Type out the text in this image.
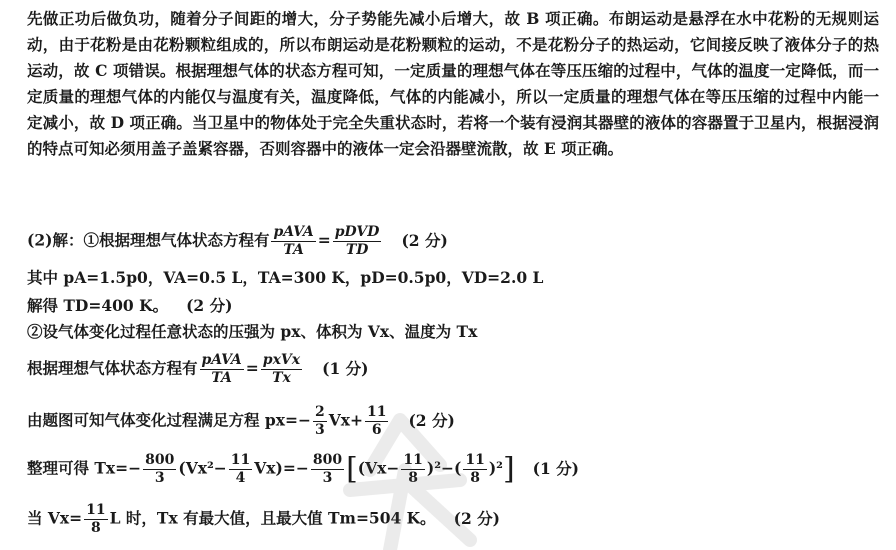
先做正功后做负功，随着分子间距的增大，分子势能先减小后增大，故 B 项正确。布朗运动是悬浮在水中花粉的无规则运动，由于花粉是由花粉颗粒组成的，所以布朗运动是花粉颗粒的运动，不是花粉分子的热运动，它间接反映了液体分子的热运动，故 C 项错误。根据理想气体的状态方程可知，一定质量的理想气体在等压压缩的过程中，气体的温度一定降低，而一定质量的理想气体的内能仅与温度有关，温度降低，气体的内能减小，所以一定质量的理想气体在等压压缩的过程中内能一定减小，故 D 项正确。当卫星中的物体处于完全失重状态时，若将一个装有浸润其器壁的液体的容器置于卫星内，根据浸润的特点可知必须用盖子盖紧容器，否则容器中的液体一定会沿器壁流散，故 E 项正确。
(2)解：①根据理想气体状态方程有 $\frac{\text{pAVA}}{TA} = \frac{\text{pDVD}}{TD} (2$ 分)
其中 pA=1.5p0，VA=0.5 L，TA=300 K，pD=0.5p0，VD=2.0 L
解得 TD=400 K。 (2 分)
②设气体变化过程任意状态的压强为 px、体积为 Vx、温度为 Tx
根据理想气体状态方程有 $\frac{\text{pAVA}}{TA} = \frac{\text{pxVx}}{Tx} (1$ 分)
由题图可知气体变化过程满足方程 $px=- \frac{2}{3} Vx+ \frac{11}{6} (2$ 分)
整理可得 $Tx=- \frac{800}{3} (Vx^2- \frac{11}{4} Vx)=- \frac{800}{3} [(Vx- \frac{11}{8} )^2-( \frac{11}{8} )^2]$ (1 分)
当 $Vx= \frac{11}{8}$ L 时，Tx 有最大值，且最大值 Tm=504 K。 (2 分)
